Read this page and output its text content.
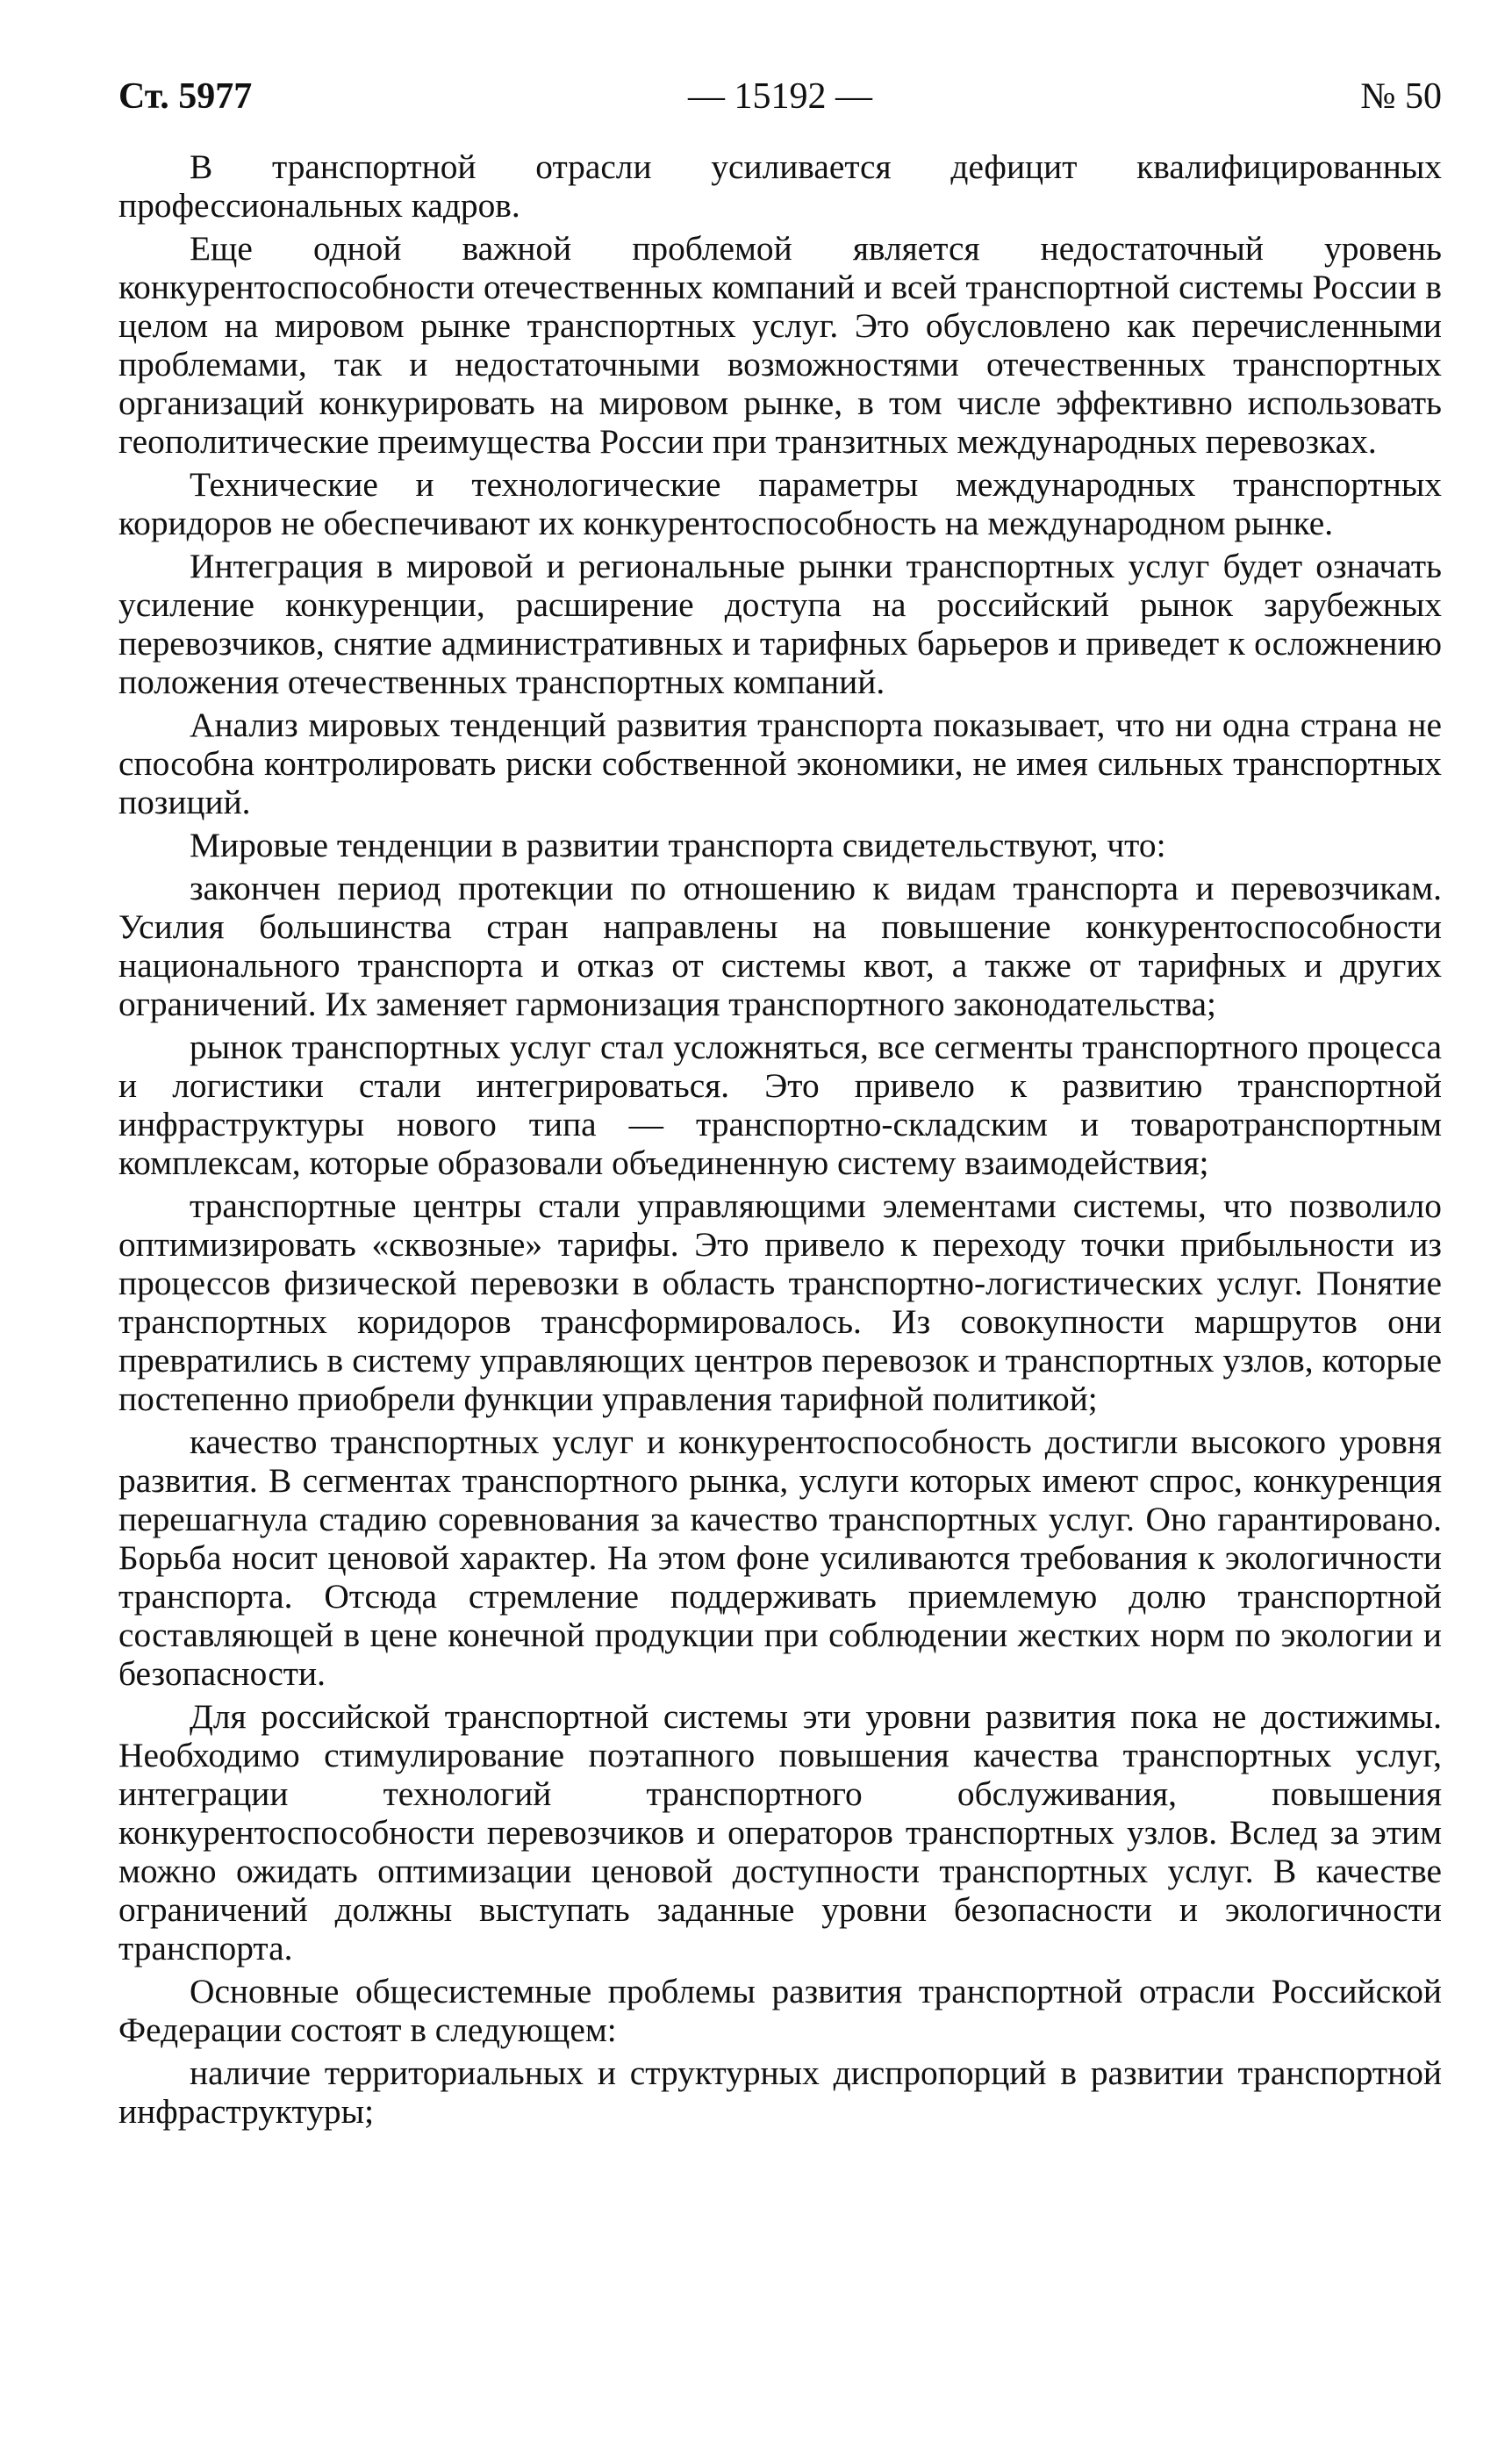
Ст. 5977	— 15192 —	№ 50

В транспортной отрасли усиливается дефицит квалифицированных профессиональных кадров.

Еще одной важной проблемой является недостаточный уровень конкурентоспособности отечественных компаний и всей транспортной системы России в целом на мировом рынке транспортных услуг. Это обусловлено как перечисленными проблемами, так и недостаточными возможностями отечественных транспортных организаций конкурировать на мировом рынке, в том числе эффективно использовать геополитические преимущества России при транзитных международных перевозках.

Технические и технологические параметры международных транспортных коридоров не обеспечивают их конкурентоспособность на международном рынке.

Интеграция в мировой и региональные рынки транспортных услуг будет означать усиление конкуренции, расширение доступа на российский рынок зарубежных перевозчиков, снятие административных и тарифных барьеров и приведет к осложнению положения отечественных транспортных компаний.

Анализ мировых тенденций развития транспорта показывает, что ни одна страна не способна контролировать риски собственной экономики, не имея сильных транспортных позиций.

Мировые тенденции в развитии транспорта свидетельствуют, что:

закончен период протекции по отношению к видам транспорта и перевозчикам. Усилия большинства стран направлены на повышение конкурентоспособности национального транспорта и отказ от системы квот, а также от тарифных и других ограничений. Их заменяет гармонизация транспортного законодательства;

рынок транспортных услуг стал усложняться, все сегменты транспортного процесса и логистики стали интегрироваться. Это привело к развитию транспортной инфраструктуры нового типа — транспортно-складским и товаротранспортным комплексам, которые образовали объединенную систему взаимодействия;

транспортные центры стали управляющими элементами системы, что позволило оптимизировать «сквозные» тарифы. Это привело к переходу точки прибыльности из процессов физической перевозки в область транспортно-логистических услуг. Понятие транспортных коридоров трансформировалось. Из совокупности маршрутов они превратились в систему управляющих центров перевозок и транспортных узлов, которые постепенно приобрели функции управления тарифной политикой;

качество транспортных услуг и конкурентоспособность достигли высокого уровня развития. В сегментах транспортного рынка, услуги которых имеют спрос, конкуренция перешагнула стадию соревнования за качество транспортных услуг. Оно гарантировано. Борьба носит ценовой характер. На этом фоне усиливаются требования к экологичности транспорта. Отсюда стремление поддерживать приемлемую долю транспортной составляющей в цене конечной продукции при соблюдении жестких норм по экологии и безопасности.

Для российской транспортной системы эти уровни развития пока не достижимы. Необходимо стимулирование поэтапного повышения качества транспортных услуг, интеграции технологий транспортного обслуживания, повышения конкурентоспособности перевозчиков и операторов транспортных узлов. Вслед за этим можно ожидать оптимизации ценовой доступности транспортных услуг. В качестве ограничений должны выступать заданные уровни безопасности и экологичности транспорта.

Основные общесистемные проблемы развития транспортной отрасли Российской Федерации состоят в следующем:

наличие территориальных и структурных диспропорций в развитии транспортной инфраструктуры;
